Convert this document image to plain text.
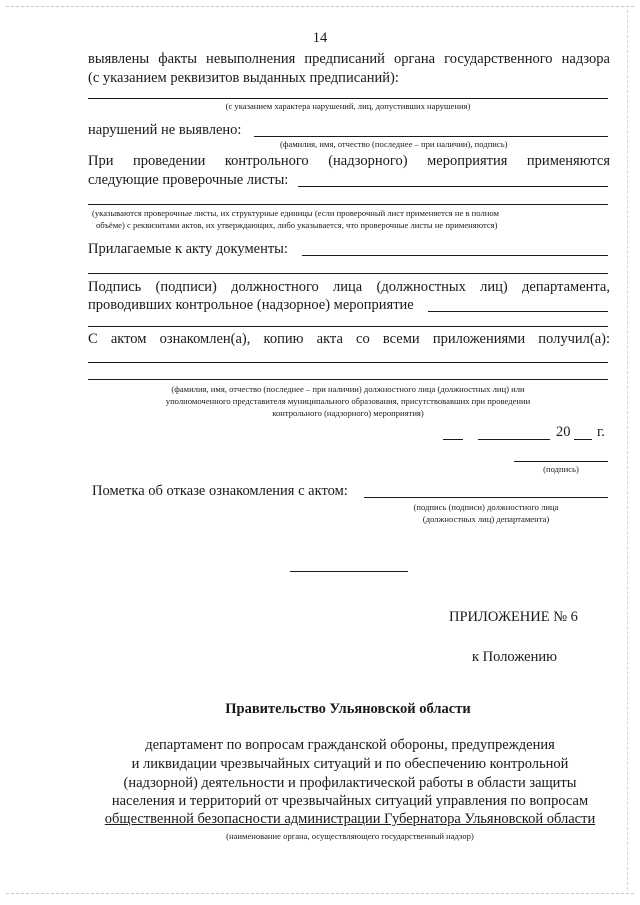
14
выявлены факты невыполнения предписаний органа государственного надзора
(с указанием реквизитов выданных предписаний):
(с указанием характера нарушений, лиц, допустивших нарушения)
нарушений не выявлено:
(фамилия, имя, отчество (последнее – при наличии), подпись)
При проведении контрольного (надзорного) мероприятия применяются
следующие проверочные листы:
(указываются проверочные листы, их структурные единицы (если проверочный лист применяется не в полном
объёме) с реквизитами актов, их утверждающих, либо указывается, что проверочные листы не применяются)
Прилагаемые к акту документы:
Подпись (подписи) должностного лица (должностных лиц) департамента,
проводивших контрольное (надзорное) мероприятие
С актом ознакомлен(а), копию акта со всеми приложениями получил(а):
(фамилия, имя, отчество (последнее – при наличии) должностного лица (должностных лиц) или
уполномоченного представителя муниципального образования, присутствовавших при проведении
контрольного (надзорного) мероприятия)
20 г.
(подпись)
Пометка об отказе ознакомления с актом:
(подпись (подписи) должностного лица
(должностных лиц) департамента)
ПРИЛОЖЕНИЕ № 6
к Положению
Правительство Ульяновской области
департамент по вопросам гражданской обороны, предупреждения
и ликвидации чрезвычайных ситуаций и по обеспечению контрольной
(надзорной) деятельности и профилактической работы в области защиты
населения и территорий от чрезвычайных ситуаций управления по вопросам
общественной безопасности администрации Губернатора Ульяновской области
(наименование органа, осуществляющего государственный надзор)
